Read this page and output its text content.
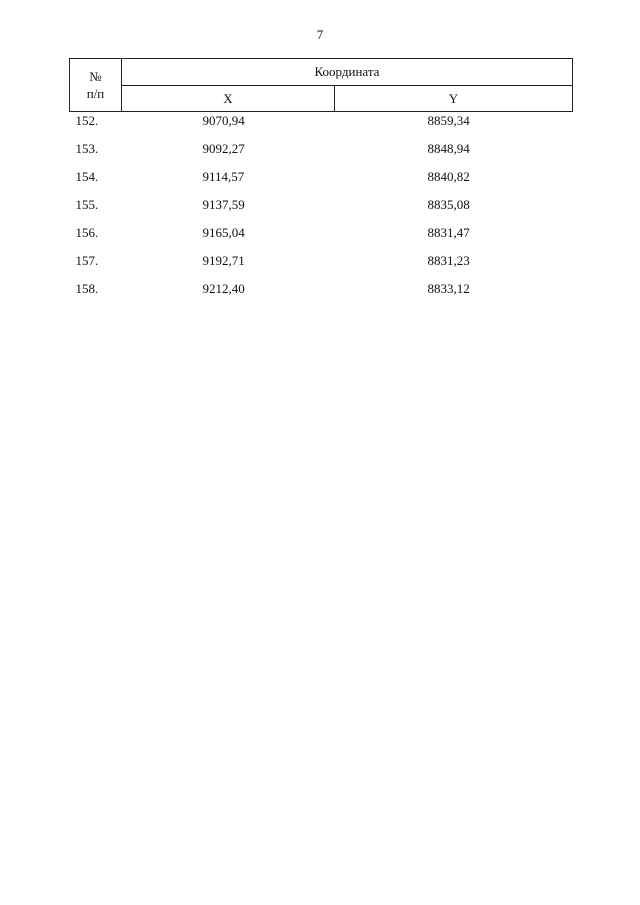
7
№
п/п	Координата	
	X	Y
152.	9070,94	8859,34
153.	9092,27	8848,94
154.	9114,57	8840,82
155.	9137,59	8835,08
156.	9165,04	8831,47
157.	9192,71	8831,23
158.	9212,40	8833,12
